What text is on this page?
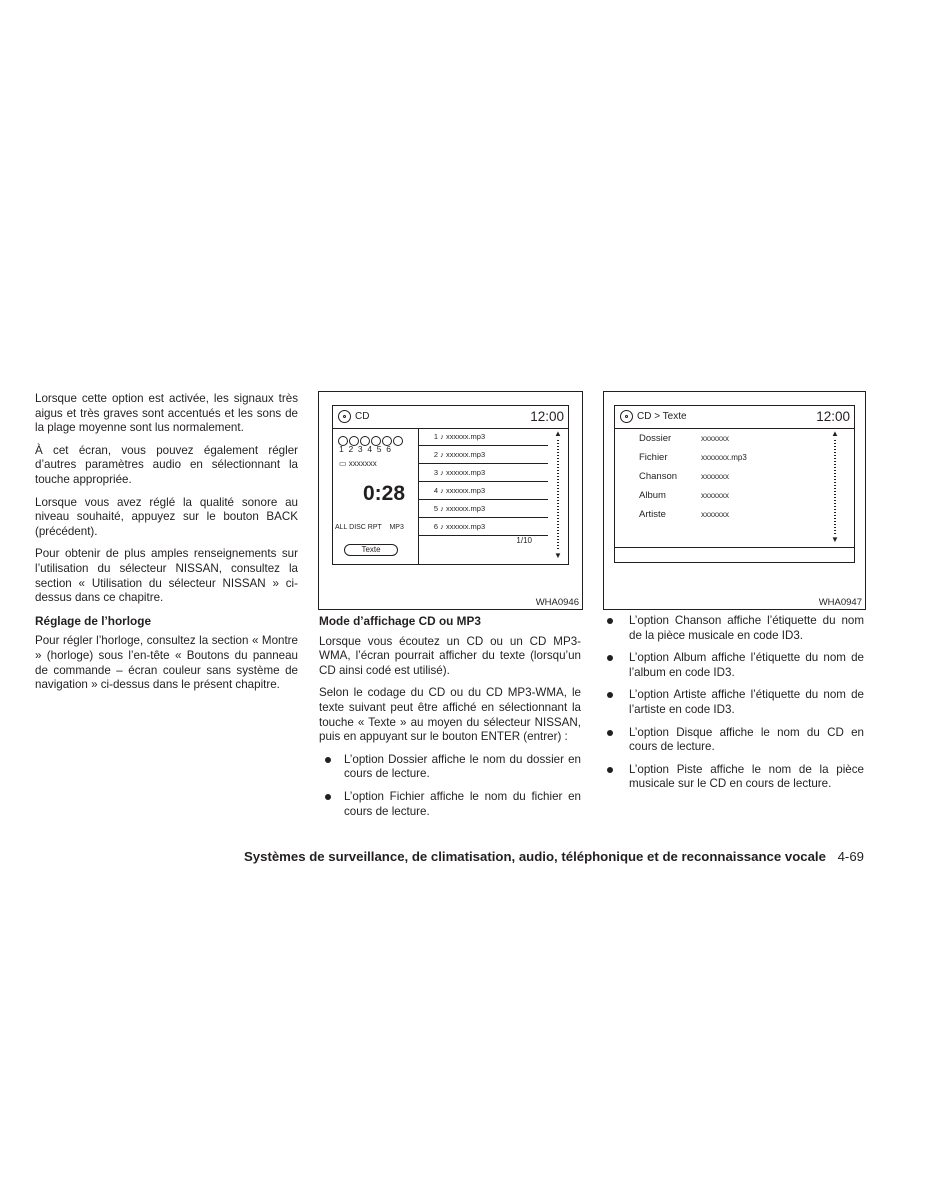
Lorsque cette option est activée, les signaux très aigus et très graves sont accentués et les sons de la plage moyenne sont lus normalement.

À cet écran, vous pouvez également régler d’autres paramètres audio en sélectionnant la touche appropriée.

Lorsque vous avez réglé la qualité sonore au niveau souhaité, appuyez sur le bouton BACK (précédent).

Pour obtenir de plus amples renseignements sur l’utilisation du sélecteur NISSAN, consultez la section « Utilisation du sélecteur NISSAN » ci-dessus dans ce chapitre.

Réglage de l’horloge

Pour régler l’horloge, consultez la section « Montre » (horloge) sous l’en-tête « Boutons du panneau de commande – écran couleur sans système de navigation » ci-dessus dans le présent chapitre.

CD	12:00
1  2  3  4  5  6
▭ xxxxxxx
0:28
ALL DISC RPT    MP3
Texte
1 ♪ xxxxxx.mp3
2 ♪ xxxxxx.mp3
3 ♪ xxxxxx.mp3
4 ♪ xxxxxx.mp3
5 ♪ xxxxxx.mp3
6 ♪ xxxxxx.mp3
1/10
▲
▼
WHA0946
CD > Texte	12:00
Dossier	xxxxxxx
Fichier	xxxxxxx.mp3
Chanson	xxxxxxx
Album	xxxxxxx
Artiste	xxxxxxx
▲
▼
WHA0947
Mode d’affichage CD ou MP3

Lorsque vous écoutez un CD ou un CD MP3-WMA, l’écran pourrait afficher du texte (lorsqu’un CD ainsi codé est utilisé).

Selon le codage du CD ou du CD MP3-WMA, le texte suivant peut être affiché en sélectionnant la touche « Texte » au moyen du sélecteur NISSAN, puis en appuyant sur le bouton ENTER (entrer) :

L’option Dossier affiche le nom du dossier en cours de lecture.
L’option Fichier affiche le nom du fichier en cours de lecture.
L’option Chanson affiche l’étiquette du nom de la pièce musicale en code ID3.
L’option Album affiche l’étiquette du nom de l’album en code ID3.
L’option Artiste affiche l’étiquette du nom de l’artiste en code ID3.
L’option Disque affiche le nom du CD en cours de lecture.
L’option Piste affiche le nom de la pièce musicale sur le CD en cours de lecture.
Systèmes de surveillance, de climatisation, audio, téléphonique et de reconnaissance vocale 4-69
